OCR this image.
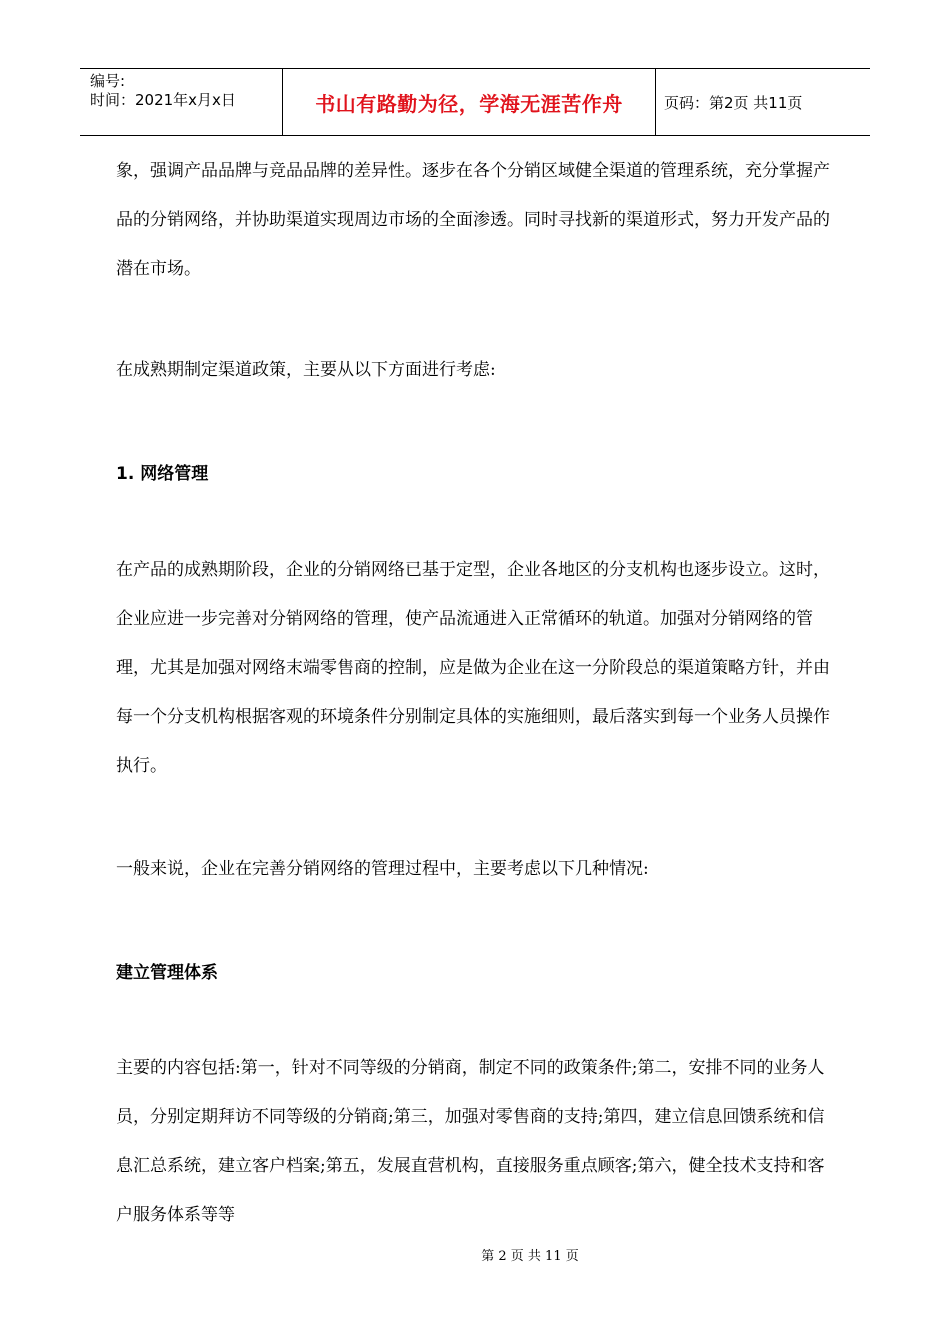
编号:
时间：2021年x月x日	书山有路勤为径，学海无涯苦作舟	页码：第2页 共11页

象，强调产品品牌与竞品品牌的差异性。逐步在各个分销区域健全渠道的管理系统，充分掌握产品的分销网络，并协助渠道实现周边市场的全面渗透。同时寻找新的渠道形式，努力开发产品的潜在市场。

在成熟期制定渠道政策，主要从以下方面进行考虑:

1. 网络管理

在产品的成熟期阶段，企业的分销网络已基于定型，企业各地区的分支机构也逐步设立。这时，企业应进一步完善对分销网络的管理，使产品流通进入正常循环的轨道。加强对分销网络的管理，尤其是加强对网络末端零售商的控制，应是做为企业在这一分阶段总的渠道策略方针，并由每一个分支机构根据客观的环境条件分别制定具体的实施细则，最后落实到每一个业务人员操作执行。

一般来说，企业在完善分销网络的管理过程中，主要考虑以下几种情况:

建立管理体系

主要的内容包括:第一，针对不同等级的分销商，制定不同的政策条件;第二，安排不同的业务人员，分别定期拜访不同等级的分销商;第三，加强对零售商的支持;第四，建立信息回馈系统和信息汇总系统，建立客户档案;第五，发展直营机构，直接服务重点顾客;第六，健全技术支持和客户服务体系等等

第 2 页 共 11 页
